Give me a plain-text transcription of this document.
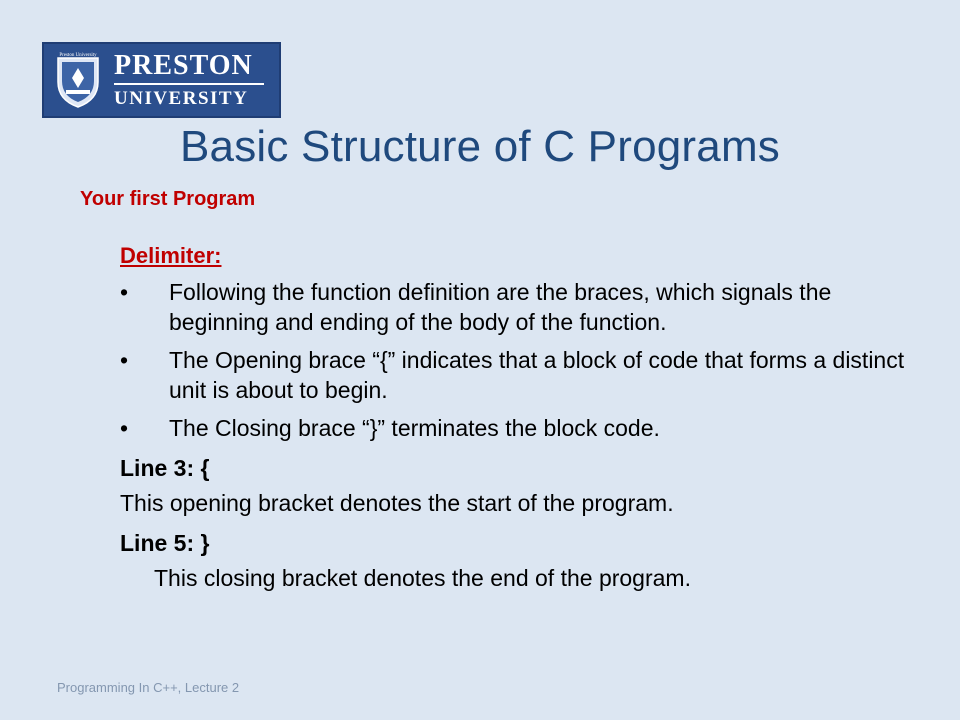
Preston University PRESTON
UNIVERSITY
Basic Structure of C Programs
Your first Program
Delimiter:
• Following the function definition are the braces, which signals the beginning and ending of the body of the function.
• The Opening brace “{” indicates that a block of code that forms a distinct unit is about to begin.
• The Closing brace “}” terminates the block code.
Line 3: {
This opening bracket denotes the start of the program.
Line 5: }
This closing bracket denotes the end of the program.
Programming In C++, Lecture 2
